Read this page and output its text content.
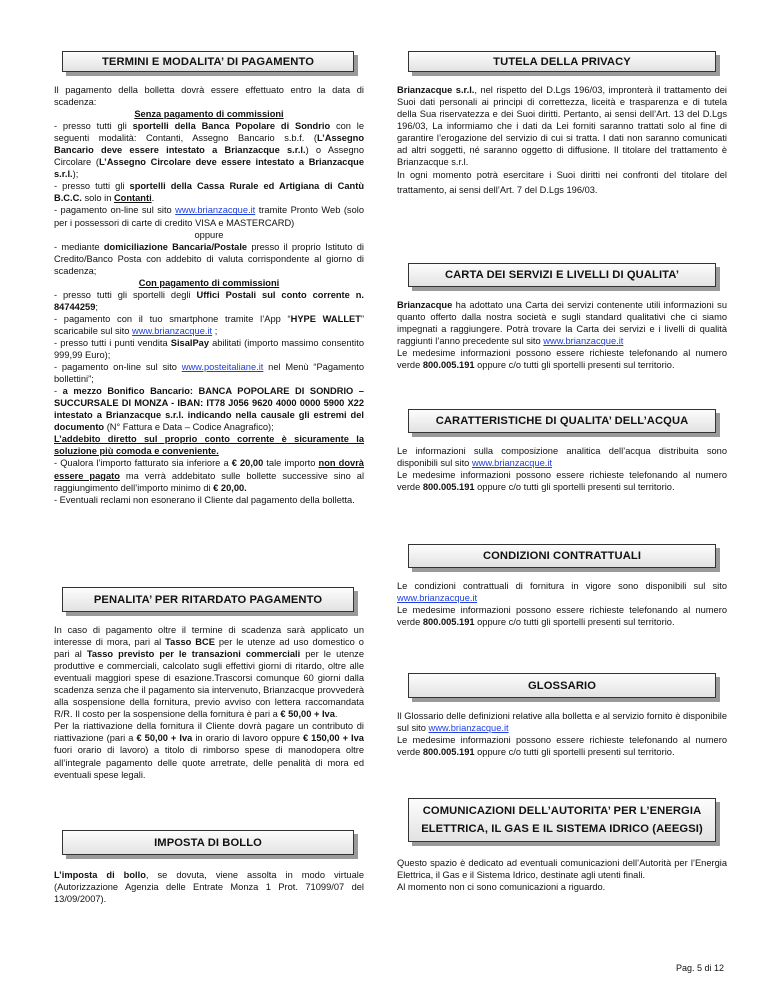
TERMINI E MODALITA’ DI PAGAMENTO

Il pagamento della bolletta dovrà essere effettuato entro la data di scadenza:

Senza pagamento di commissioni

- presso tutti gli sportelli della Banca Popolare di Sondrio con le seguenti modalità: Contanti, Assegno Bancario s.b.f. (L’Assegno Bancario deve essere intestato a Brianzacque s.r.l.) o Assegno Circolare (L’Assegno Circolare deve essere intestato a Brianzacque s.r.l.);

- presso tutti gli sportelli della Cassa Rurale ed Artigiana di Cantù B.C.C. solo in Contanti.

- pagamento on-line sul sito www.brianzacque.it tramite Pronto Web (solo per i possessori di carte di credito VISA e MASTERCARD)

oppure

- mediante domiciliazione Bancaria/Postale presso il proprio Istituto di Credito/Banco Posta con addebito di valuta corrispondente al giorno di scadenza;

Con pagamento di commissioni

- presso tutti gli sportelli degli Uffici Postali sul conto corrente n. 84744259;

- pagamento con il tuo smartphone tramite l’App “HYPE WALLET” scaricabile sul sito www.brianzacque.it ;

- presso tutti i punti vendita SisalPay abilitati (importo massimo consentito 999,99 Euro);

- pagamento on-line sul sito www.posteitaliane.it nel Menù “Pagamento bollettini”;

- a mezzo Bonifico Bancario: BANCA POPOLARE DI SONDRIO – SUCCURSALE DI MONZA - IBAN: IT78 J056 9620 4000 0000 5900 X22 intestato a Brianzacque s.r.l. indicando nella causale gli estremi del documento (N° Fattura e Data – Codice Anagrafico);

L’addebito diretto sul proprio conto corrente è sicuramente la soluzione più comoda e conveniente.

- Qualora l’importo fatturato sia inferiore a € 20,00 tale importo non dovrà essere pagato ma verrà addebitato sulle bollette successive sino al raggiungimento dell’importo minimo di € 20,00.

- Eventuali reclami non esonerano il Cliente dal pagamento della bolletta.

PENALITA’ PER RITARDATO PAGAMENTO

In caso di pagamento oltre il termine di scadenza sarà applicato un interesse di mora, pari al Tasso BCE per le utenze ad uso domestico o pari al Tasso previsto per le transazioni commerciali per le utenze produttive e commerciali, calcolato sugli effettivi giorni di ritardo, oltre alle eventuali maggiori spese di esazione.Trascorsi comunque 60 giorni dalla scadenza senza che il pagamento sia intervenuto, Brianzacque provvederà alla sospensione della fornitura, previo avviso con lettera raccomandata R/R. Il costo per la sospensione della fornitura è pari a € 50,00 + Iva.

Per la riattivazione della fornitura il Cliente dovrà pagare un contributo di riattivazione (pari a € 50,00 + Iva in orario di lavoro oppure € 150,00 + Iva fuori orario di lavoro) a titolo di rimborso spese di manodopera oltre all’integrale pagamento delle quote arretrate, delle penalità di mora ed eventuali spese legali.

IMPOSTA DI BOLLO

L’imposta di bollo, se dovuta, viene assolta in modo virtuale (Autorizzazione Agenzia delle Entrate Monza 1 Prot. 71099/07 del 13/09/2007).

TUTELA DELLA PRIVACY

Brianzacque s.r.l., nel rispetto del D.Lgs 196/03, impronterà il trattamento dei Suoi dati personali ai principi di correttezza, liceità e trasparenza e di tutela della Sua riservatezza e dei Suoi diritti. Pertanto, ai sensi dell’Art. 13 del D.Lgs 196/03, La informiamo che i dati da Lei forniti saranno trattati solo al fine di garantire l’erogazione del servizio di cui si tratta. I dati non saranno comunicati ad altri soggetti, né saranno oggetto di diffusione. Il titolare del trattamento è Brianzacque s.r.l.

In ogni momento potrà esercitare i Suoi diritti nei confronti del titolare del trattamento, ai sensi dell’Art. 7 del D.Lgs 196/03.

CARTA DEI SERVIZI E LIVELLI DI QUALITA’

Brianzacque ha adottato una Carta dei servizi contenente utili informazioni su quanto offerto dalla nostra società e sugli standard qualitativi che ci siamo impegnati a raggiungere. Potrà trovare la Carta dei servizi e i livelli di qualità raggiunti l’anno precedente sul sito www.brianzacque.it

Le medesime informazioni possono essere richieste telefonando al numero verde 800.005.191 oppure c/o tutti gli sportelli presenti sul territorio.

CARATTERISTICHE DI QUALITA’ DELL’ACQUA

Le informazioni sulla composizione analitica dell’acqua distribuita sono disponibili sul sito www.brianzacque.it

Le medesime informazioni possono essere richieste telefonando al numero verde 800.005.191 oppure c/o tutti gli sportelli presenti sul territorio.

CONDIZIONI CONTRATTUALI

Le condizioni contrattuali di fornitura in vigore sono disponibili sul sito www.brianzacque.it

Le medesime informazioni possono essere richieste telefonando al numero verde 800.005.191 oppure c/o tutti gli sportelli presenti sul territorio.

GLOSSARIO

Il Glossario delle definizioni relative alla bolletta e al servizio fornito è disponibile sul sito www.brianzacque.it

Le medesime informazioni possono essere richieste telefonando al numero verde 800.005.191 oppure c/o tutti gli sportelli presenti sul territorio.

COMUNICAZIONI DELL’AUTORITA’ PER L’ENERGIA
ELETTRICA, IL GAS E IL SISTEMA IDRICO (AEEGSI)

Questo spazio è dedicato ad eventuali comunicazioni dell’Autorità per l’Energia Elettrica, il Gas e il Sistema Idrico, destinate agli utenti finali.

Al momento non ci sono comunicazioni a riguardo.

Pag. 5 di 12
